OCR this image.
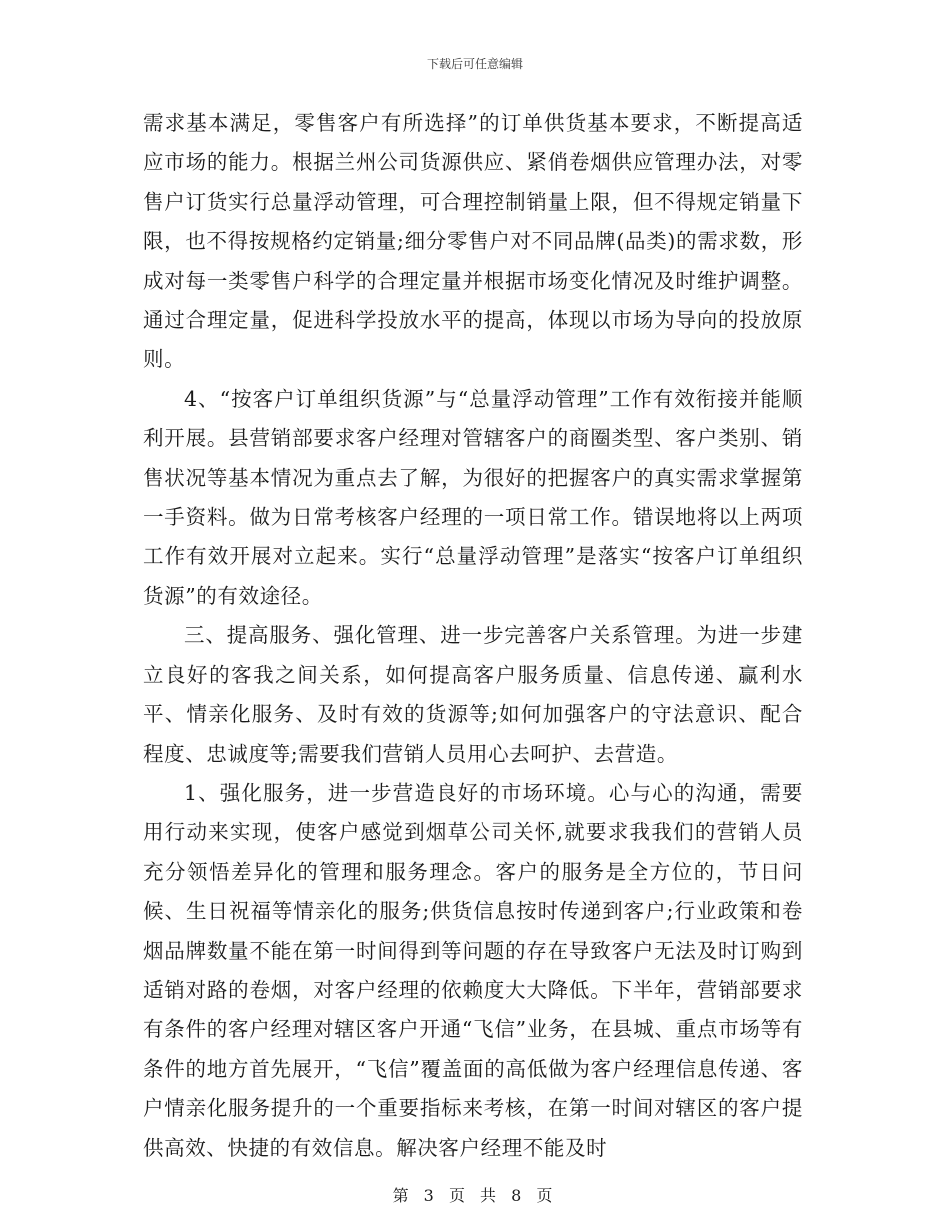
下载后可任意编辑

需求基本满足，零售客户有所选择”的订单供货基本要求，不断提高适应市场的能力。根据兰州公司货源供应、紧俏卷烟供应管理办法，对零售户订货实行总量浮动管理，可合理控制销量上限，但不得规定销量下限，也不得按规格约定销量;细分零售户对不同品牌(品类)的需求数，形成对每一类零售户科学的合理定量并根据市场变化情况及时维护调整。通过合理定量，促进科学投放水平的提高，体现以市场为导向的投放原则。

4、“按客户订单组织货源”与“总量浮动管理”工作有效衔接并能顺利开展。县营销部要求客户经理对管辖客户的商圈类型、客户类别、销售状况等基本情况为重点去了解，为很好的把握客户的真实需求掌握第一手资料。做为日常考核客户经理的一项日常工作。错误地将以上两项工作有效开展对立起来。实行“总量浮动管理”是落实“按客户订单组织货源”的有效途径。

三、提高服务、强化管理、进一步完善客户关系管理。为进一步建立良好的客我之间关系，如何提高客户服务质量、信息传递、赢利水平、情亲化服务、及时有效的货源等;如何加强客户的守法意识、配合程度、忠诚度等;需要我们营销人员用心去呵护、去营造。

1、强化服务，进一步营造良好的市场环境。心与心的沟通，需要用行动来实现，使客户感觉到烟草公司关怀,就要求我我们的营销人员充分领悟差异化的管理和服务理念。客户的服务是全方位的，节日问候、生日祝福等情亲化的服务;供货信息按时传递到客户;行业政策和卷烟品牌数量不能在第一时间得到等问题的存在导致客户无法及时订购到适销对路的卷烟，对客户经理的依赖度大大降低。下半年，营销部要求有条件的客户经理对辖区客户开通“飞信”业务，在县城、重点市场等有条件的地方首先展开，“飞信”覆盖面的高低做为客户经理信息传递、客户情亲化服务提升的一个重要指标来考核，在第一时间对辖区的客户提供高效、快捷的有效信息。解决客户经理不能及时

第 3 页 共 8 页
